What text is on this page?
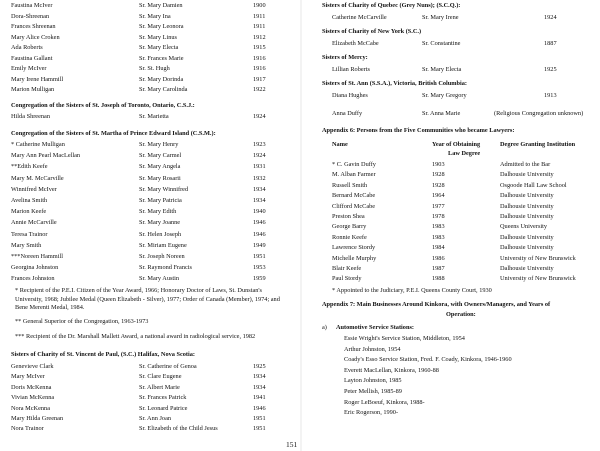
Faustina McIver	Sr. Mary Damien	1900
Dora-Shreenan	Sr. Mary Ina	1911
Frances Shreenan	Sr. Mary Leonora	1911
Mary Alice Croken	Sr. Mary Linus	1912
Ada Roberts	Sr. Mary Electa	1915
Faustina Gallant	Sr. Frances Marie	1916
Emily McIver	Sr. St. Hugh	1916
Mary Irene Hammill	Sr. Mary Dorinda	1917
Marion Mulligan	Sr. Mary Carolinda	1922
Congregation of the Sisters of St. Joseph of Toronto, Ontario, C.S.J.:
Hilda Shreenan	Sr. Marietta	1924
Congregation of the Sisters of St. Martha of Prince Edward Island (C.S.M.):
* Catherine Mulligan	Sr. Mary Henry	1923
Mary Ann Pearl MacLellan	Sr. Mary Carmel	1924
**Edith Keefe	Sr. Mary Angela	1931
Mary M. McCarville	Sr. Mary Rosarii	1932
Winnifred McIver	Sr. Mary Winnifred	1934
Avelina Smith	Sr. Mary Patricia	1934
Marion Keefe	Sr. Mary Edith	1940
Annie McCarville	Sr. Mary Joanne	1946
Teresa Trainor	Sr. Helen Joseph	1946
Mary Smith	Sr. Miriam Eugene	1949
***Noreen Hammill	Sr. Joseph Noreen	1951
Georgina Johnston	Sr. Raymond Francis	1953
Frances Johnston	Sr. Mary Austin	1959
* Recipient of the P.E.I. Citizen of the Year Award, 1966; Honorary Doctor of Laws, St. Dunstan's University, 1968; Jubilee Medal (Queen Elizabeth - Silver), 1977; Order of Canada (Member), 1974; and Bene Merenti Medal, 1984.
** General Superior of the Congregation, 1963-1973
*** Recipient of the Dr. Marshall Mallett Award, a national award in radiological service, 1982
Sisters of Charity of St. Vincent de Paul, (S.C.) Halifax, Nova Scotia:
Genevieve Clark	Sr. Catherine of Genoa	1925
Mary McIver	Sr. Clare Eugene	1934
Doris McKenna	Sr. Albert Marie	1934
Vivian McKenna	Sr. Frances Patrick	1941
Nora McKenna	Sr. Leonard Patrice	1946
Mary Hilda Greenan	Sr. Ann Joan	1951
Nora Trainor	Sr. Elizabeth of the Child Jesus	1951
Sisters of Charity of Quebec (Grey Nuns); (S.C.Q.):
Catherine McCarville	Sr. Mary Irene	1924
Sisters of Charity of New York (S.C.)
Elizabeth McCabe	Sr. Constantine	1887
Sisters of Mercy:
Lillian Roberts	Sr. Mary Electa	1925
Sisters of St. Ann (S.S.A.), Victoria, British Columbia:
Diana Hughes	Sr. Mary Gregory	1913
Anna Duffy	Sr. Anna Marie	(Religious Congregation unknown)
Appendix 6: Persons from the Five Communities who became Lawyers:
Name	Year of Obtaining	Degree Granting Institution
Law Degree
* C. Gavin Duffy	1903	Admitted to the Bar
M. Alban Farmer	1928	Dalhousie University
Russell Smith	1928	Osgoode Hall Law School
Bernard McCabe	1964	Dalhousie University
Clifford McCabe	1977	Dalhousie University
Preston Shea	1978	Dalhousie University
George Barry	1983	Queens University
Ronnie Keefe	1983	Dalhousie University
Lawrence Stordy	1984	Dalhousie University
Michelle Murphy	1986	University of New Brunswick
Blair Keefe	1987	Dalhousie University
Paul Stordy	1988	University of New Brunswick
* Appointed to the Judiciary, P.E.I. Queens County Court, 1930
Appendix 7: Main Businesses Around Kinkora, with Owners/Managers, and Years of
Operation:
a) Automotive Service Stations:
Essie Wright's Service Station, Middleton, 1954
Arthur Johnston, 1954
Coady's Esso Service Station, Fred. F. Coady, Kinkora, 1946-1960
Everett MacLellan, Kinkora, 1960-88
Layton Johnston, 1985
Peter Mellish, 1985-89
Roger LeBoeuf, Kinkora, 1988-
Eric Rogerson, 1990-
151
